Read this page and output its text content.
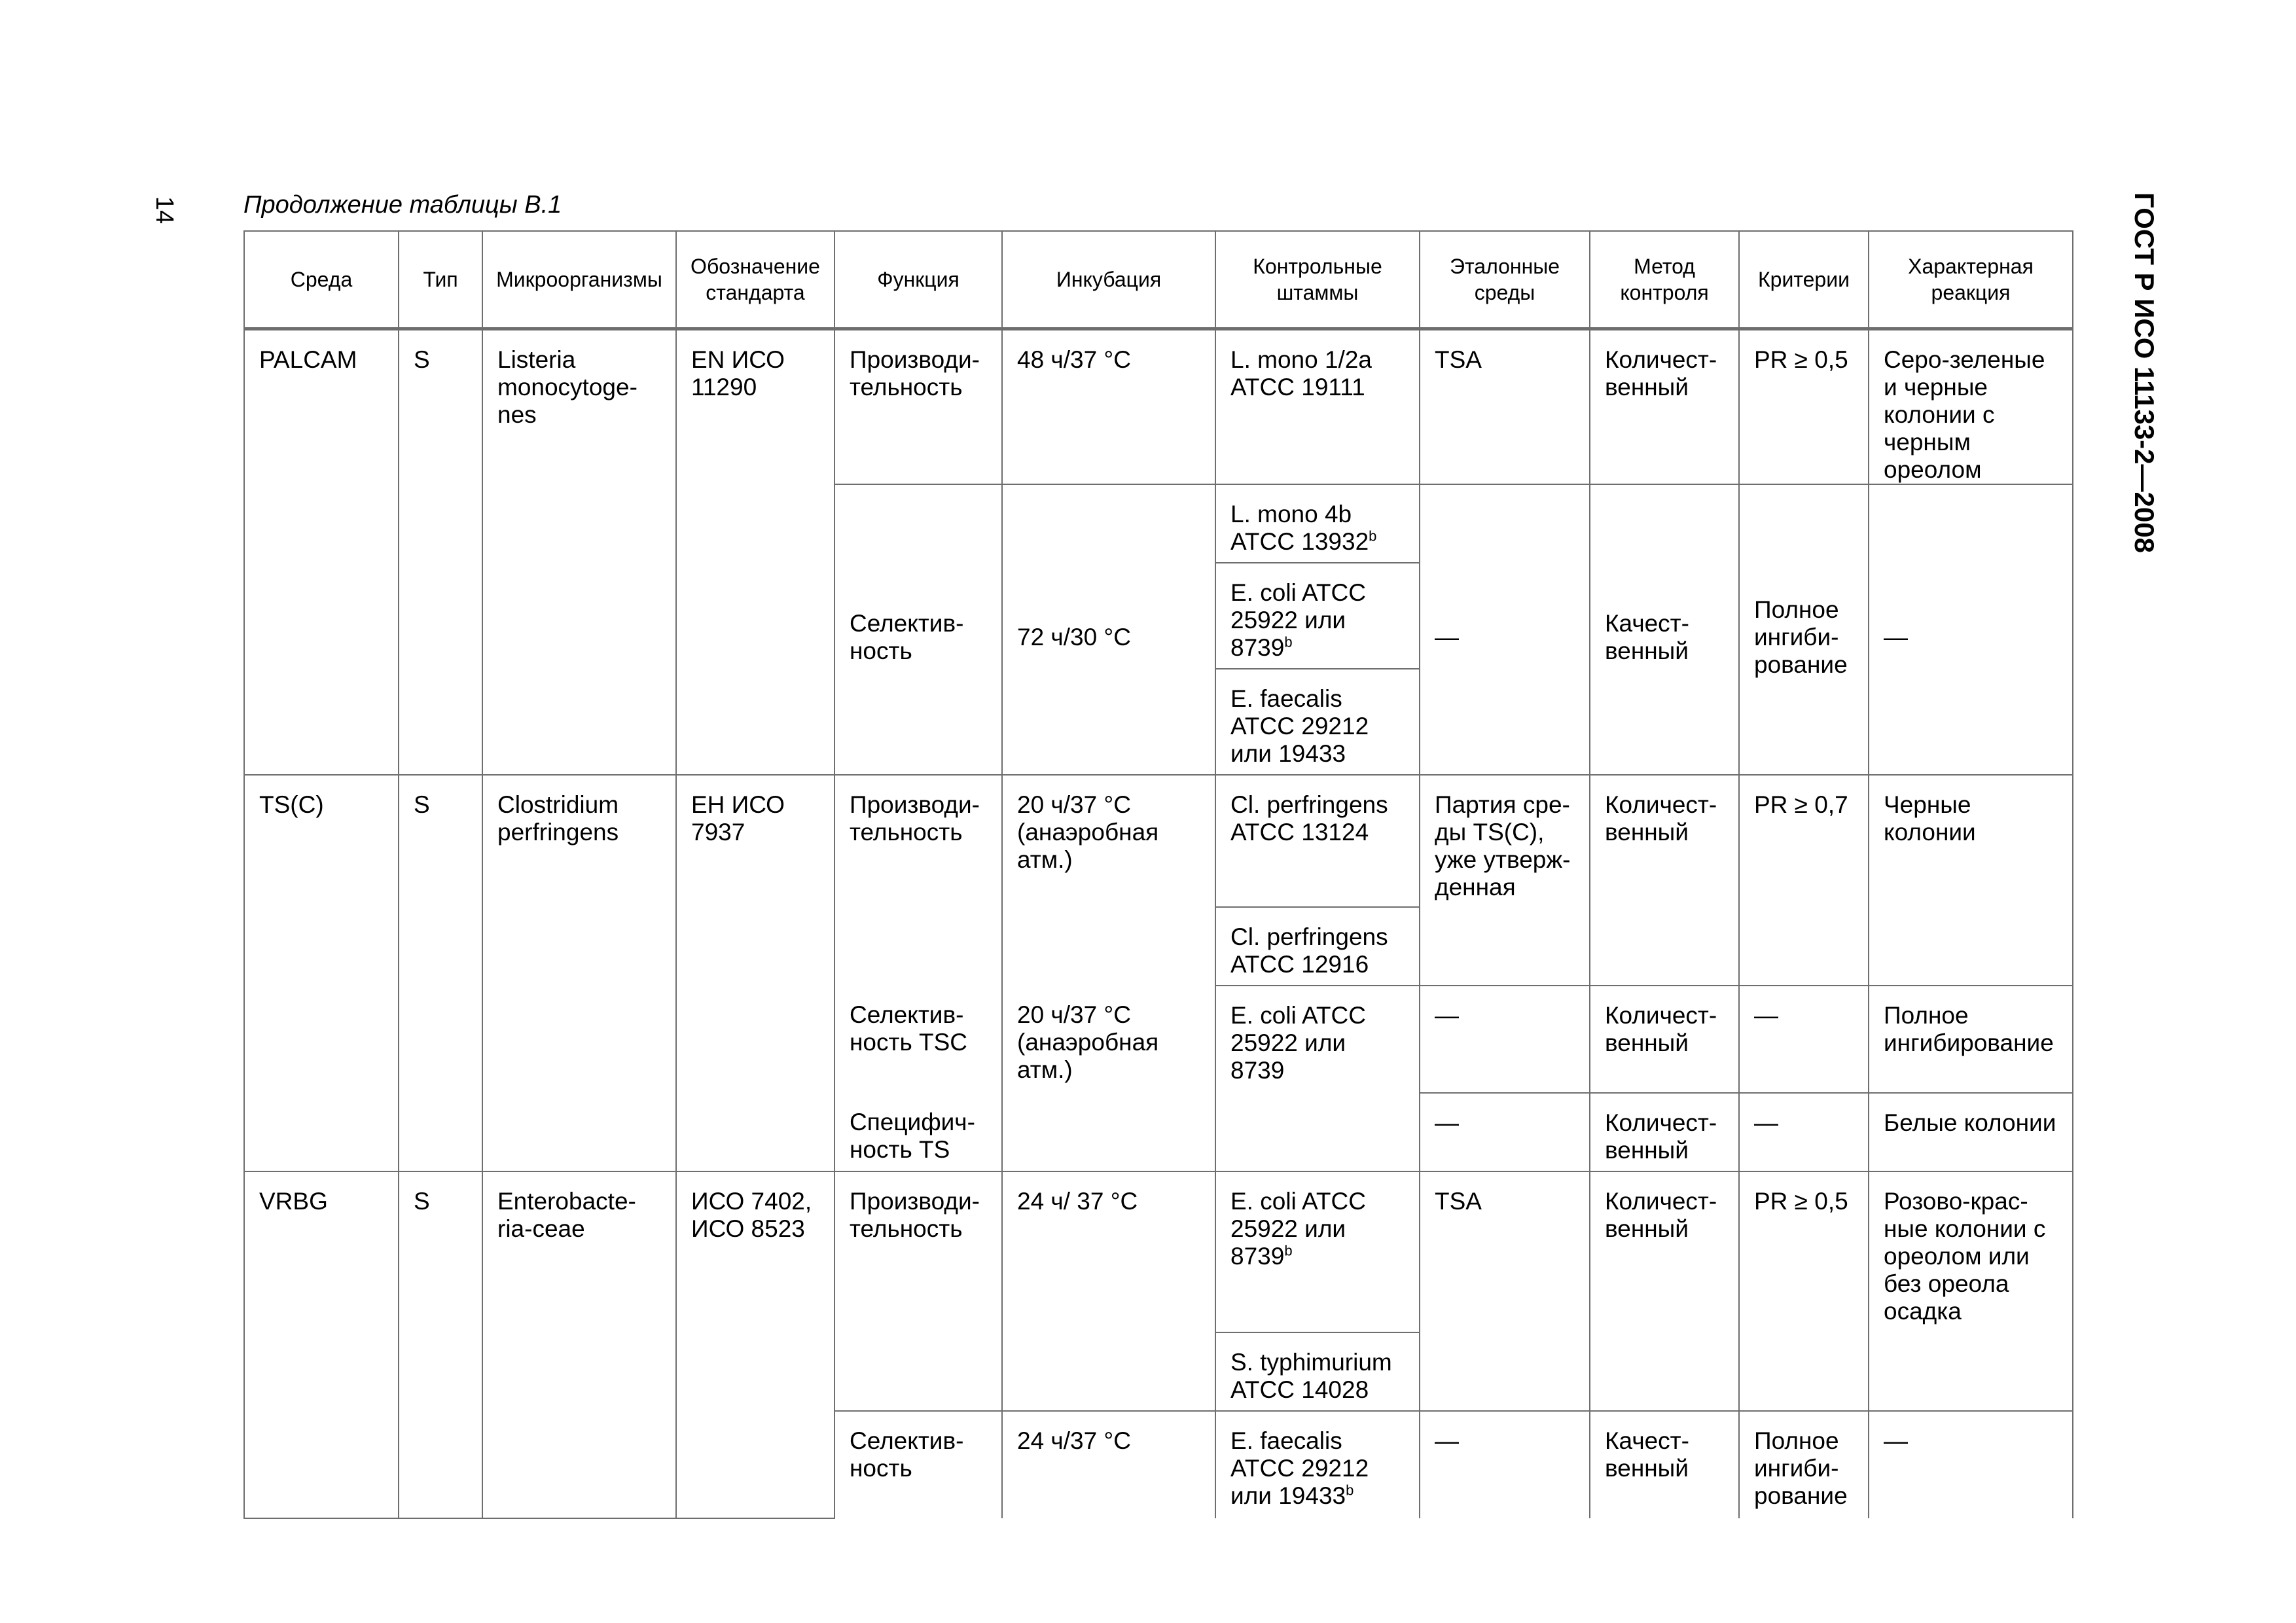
14	ГОСТ Р ИСО 11133-2—2008
Продолжение таблицы В.1
Среда	Тип	Микроорганизмы	Обозначение стандарта	Функция	Инкубация	Контрольные штаммы	Эталонные среды	Метод контроля	Критерии	Характерная реакция
PALCAM	S	Listeria monocytoge-nes	EN ИСО 11290	Производи-тельность	48 ч/37 °C	L. mono 1/2a ATCC 19111	TSA	Количест-венный	PR ≥ 0,5	Серо-зеленые и черные колонии с черным ореолом
				Селектив-ность	72 ч/30 °C	L. mono 4b ATCC 13932$^b$	—	Качест-венный	Полное ингиби-рование	—
						E. coli ATCC 25922 или 8739$^b$
						E. faecalis ATCC 29212 или 19433				
TS(C)	S	Clostridium perfringens	ЕН ИСО 7937	Производи-тельность	20 ч/37 °C (анаэробная атм.)	Cl. perfringens ATCC 13124	Партия сре-ды TS(C), уже утверж-денная	Количест-венный	PR ≥ 0,7	Черные колонии
						Cl. perfringens ATCC 12916				
				Селектив-ность TSC	20 ч/37 °C (анаэробная атм.)	E. coli ATCC 25922 или 8739	—	Количест-венный	—	Полное ингибирование
				Специфич-ность TS			—	Количест-венный	—	Белые колонии
VRBG	S	Enterobacte-ria-ceae	ИСО 7402, ИСО 8523	Производи-тельность	24 ч/ 37 °C	E. coli ATCC 25922 или 8739$^b$	TSA	Количест-венный	PR ≥ 0,5	Розово-крас-ные колонии с ореолом или без ореола осадка
						S. typhimurium ATCC 14028				
				Селектив-ность	24 ч/37 °C	E. faecalis ATCC 29212 или 19433$^b$	—	Качест-венный	Полное ингиби-рование	—
